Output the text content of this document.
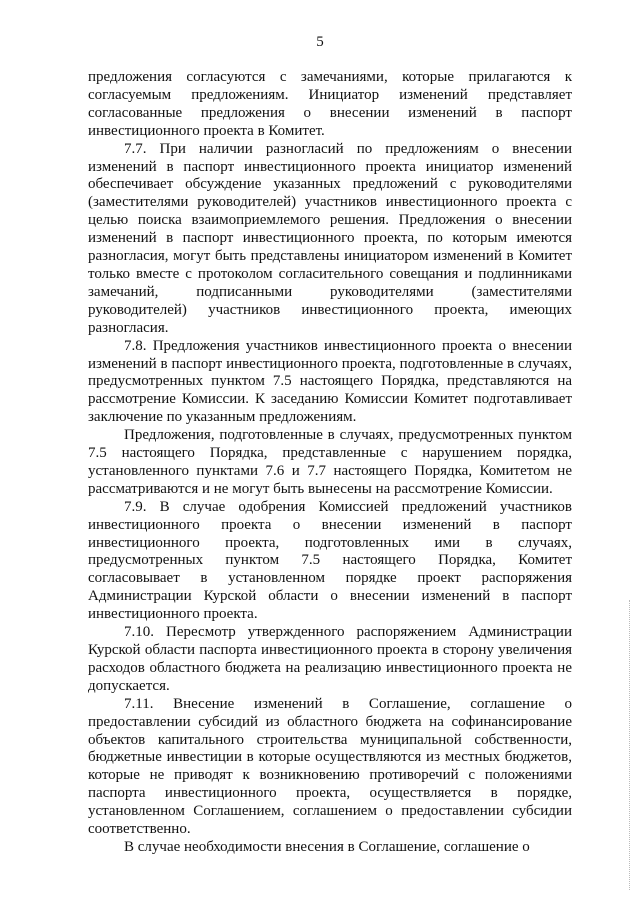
5

предложения согласуются с замечаниями, которые прилагаются к согласуемым предложениям. Инициатор изменений представляет согласованные предложения о внесении изменений в паспорт инвестиционного проекта в Комитет.

7.7. При наличии разногласий по предложениям о внесении изменений в паспорт инвестиционного проекта инициатор изменений обеспечивает обсуждение указанных предложений с руководителями (заместителями руководителей) участников инвестиционного проекта с целью поиска взаимоприемлемого решения. Предложения о внесении изменений в паспорт инвестиционного проекта, по которым имеются разногласия, могут быть представлены инициатором изменений в Комитет только вместе с протоколом согласительного совещания и подлинниками замечаний, подписанными руководителями (заместителями руководителей) участников инвестиционного проекта, имеющих разногласия.

7.8. Предложения участников инвестиционного проекта о внесении изменений в паспорт инвестиционного проекта, подготовленные в случаях, предусмотренных пунктом 7.5 настоящего Порядка, представляются на рассмотрение Комиссии. К заседанию Комиссии Комитет подготавливает заключение по указанным предложениям.

Предложения, подготовленные в случаях, предусмотренных пунктом 7.5 настоящего Порядка, представленные с нарушением порядка, установленного пунктами 7.6 и 7.7 настоящего Порядка, Комитетом не рассматриваются и не могут быть вынесены на рассмотрение Комиссии.

7.9. В случае одобрения Комиссией предложений участников инвестиционного проекта о внесении изменений в паспорт инвестиционного проекта, подготовленных ими в случаях, предусмотренных пунктом 7.5 настоящего Порядка, Комитет согласовывает в установленном порядке проект распоряжения Администрации Курской области о внесении изменений в паспорт инвестиционного проекта.

7.10. Пересмотр утвержденного распоряжением Администрации Курской области паспорта инвестиционного проекта в сторону увеличения расходов областного бюджета на реализацию инвестиционного проекта не допускается.

7.11. Внесение изменений в Соглашение, соглашение о предоставлении субсидий из областного бюджета на софинансирование объектов капитального строительства муниципальной собственности, бюджетные инвестиции в которые осуществляются из местных бюджетов, которые не приводят к возникновению противоречий с положениями паспорта инвестиционного проекта, осуществляется в порядке, установленном Соглашением, соглашением о предоставлении субсидии соответственно.

В случае необходимости внесения в Соглашение, соглашение о
